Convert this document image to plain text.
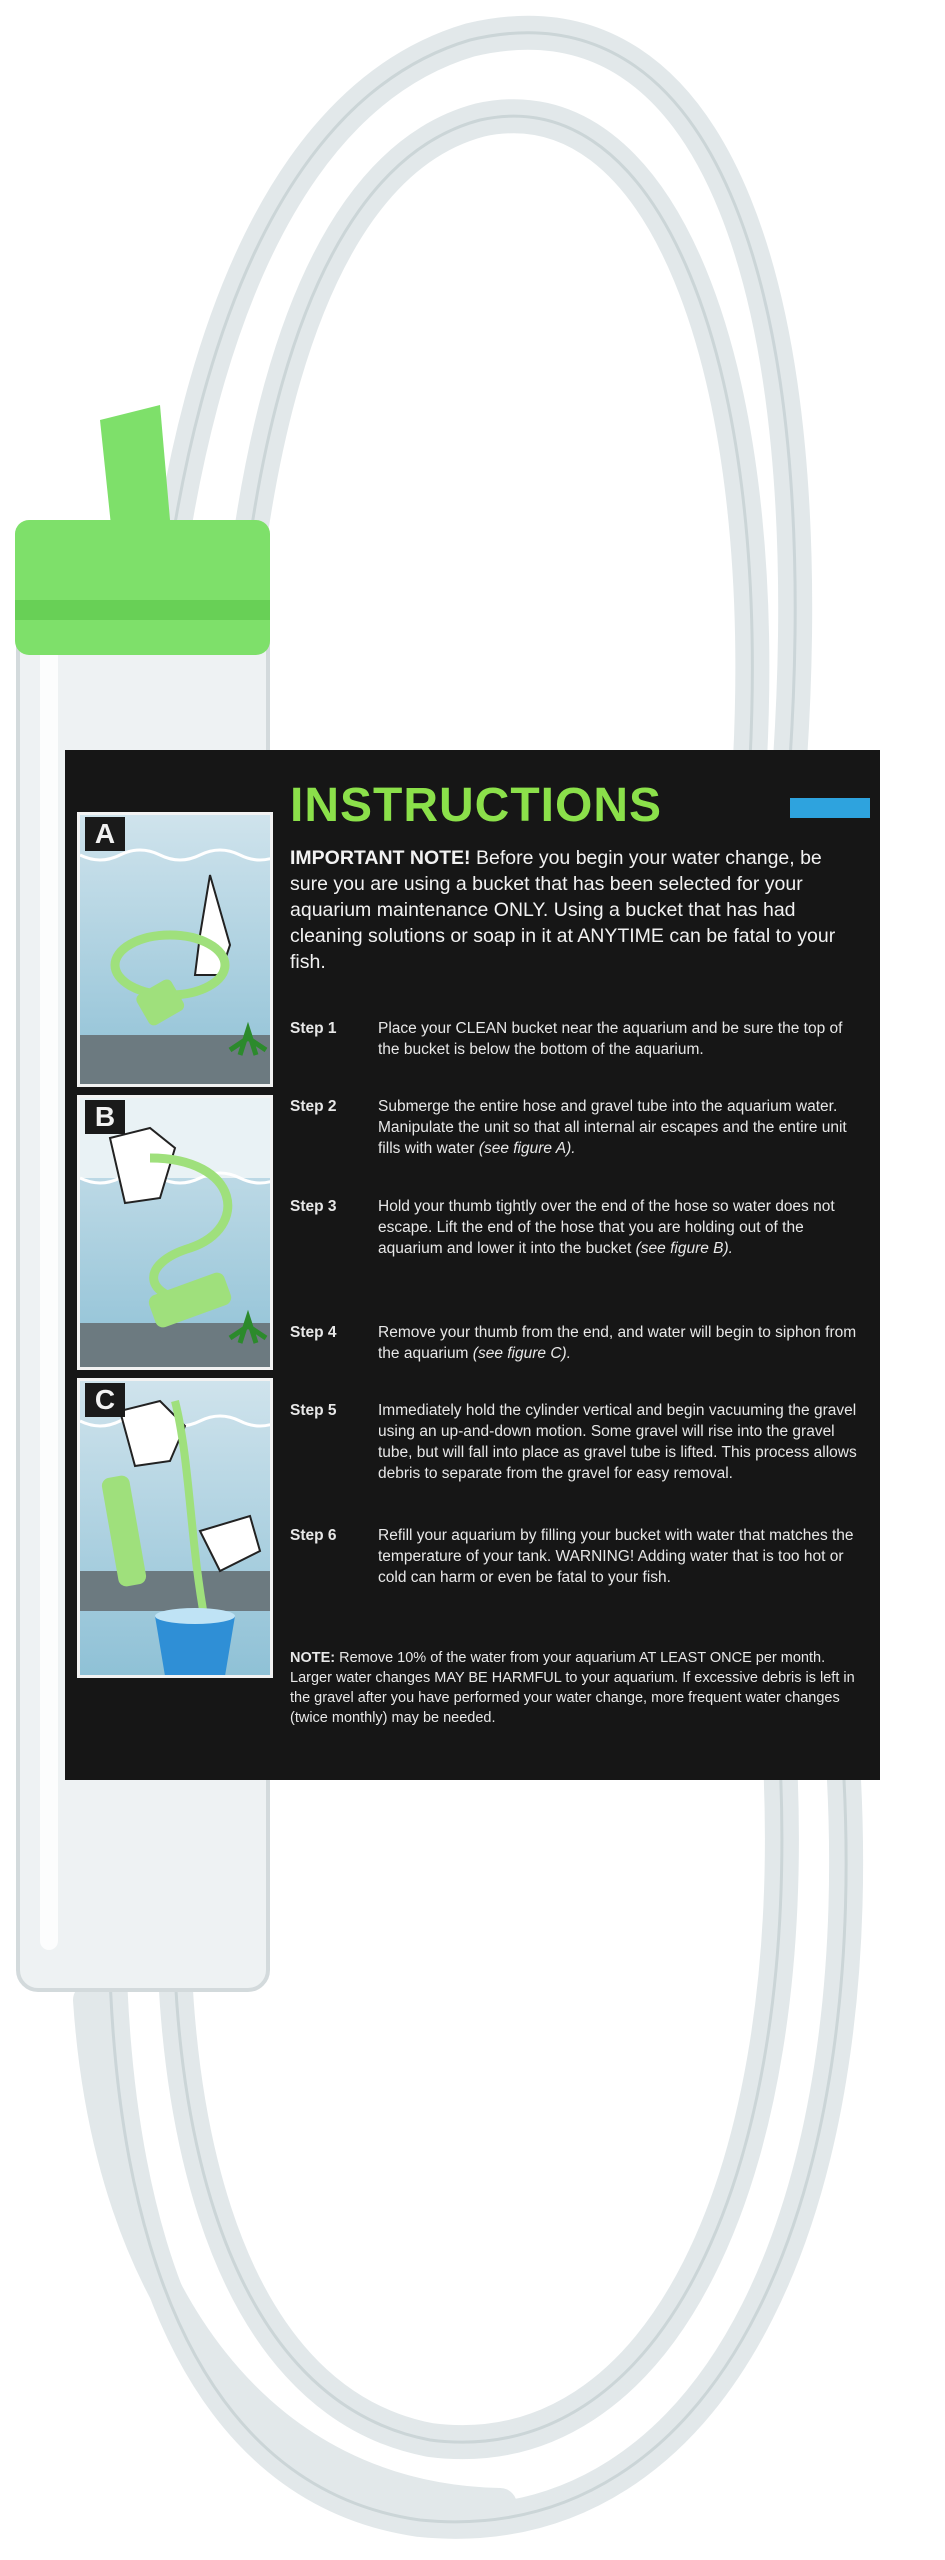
A
B
C
INSTRUCTIONS

IMPORTANT NOTE! Before you begin your water change, be sure you are using a bucket that has been selected for your aquarium maintenance ONLY. Using a bucket that has had cleaning solutions or soap in it at ANYTIME can be fatal to your fish.

Step 1	Place your CLEAN bucket near the aquarium and be sure the top of the bucket is below the bottom of the aquarium.
Step 2	Submerge the entire hose and gravel tube into the aquarium water. Manipulate the unit so that all internal air escapes and the entire unit fills with water (see figure A).
Step 3	Hold your thumb tightly over the end of the hose so water does not escape. Lift the end of the hose that you are holding out of the aquarium and lower it into the bucket (see figure B).
Step 4	Remove your thumb from the end, and water will begin to siphon from the aquarium (see figure C).
Step 5	Immediately hold the cylinder vertical and begin vacuuming the gravel using an up-and-down motion. Some gravel will rise into the gravel tube, but will fall into place as gravel tube is lifted. This process allows debris to separate from the gravel for easy removal.
Step 6	Refill your aquarium by filling your bucket with water that matches the temperature of your tank. WARNING! Adding water that is too hot or cold can harm or even be fatal to your fish.

NOTE: Remove 10% of the water from your aquarium AT LEAST ONCE per month. Larger water changes MAY BE HARMFUL to your aquarium. If excessive debris is left in the gravel after you have performed your water change, more frequent water changes (twice monthly) may be needed.
